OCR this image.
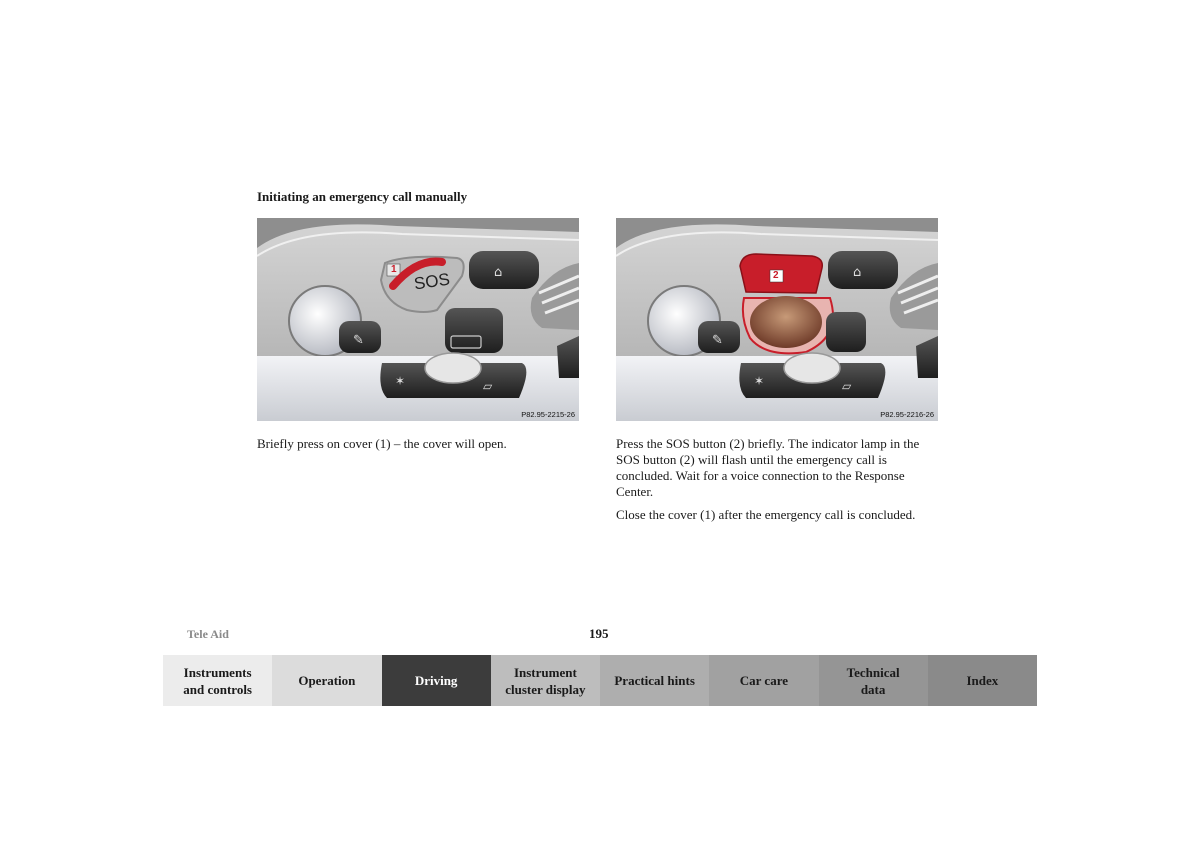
Initiating an emergency call manually
✎
⌂
✶	▱
1
SOS
P82.95-2215-26
✎
⌂
✶	▱
2
P82.95-2216-26
Briefly press on cover (1) – the cover will open.	Press the SOS button (2) briefly. The indicator lamp in the SOS button (2) will flash until the emergency call is concluded. Wait for a voice connection to the Response Center.
Close the cover (1) after the emergency call is concluded.
Tele Aid	195
Instruments
and controls
Operation	Driving
Instrument
cluster display
Practical hints	Car care
Technical
data
Index
